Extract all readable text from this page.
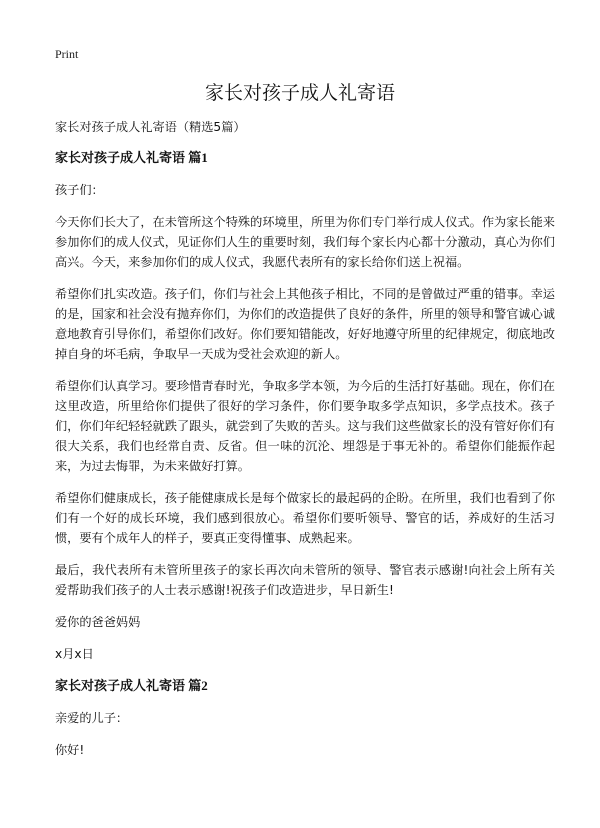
Print
家长对孩子成人礼寄语

家长对孩子成人礼寄语（精选5篇）

家长对孩子成人礼寄语 篇1

孩子们：

今天你们长大了，在未管所这个特殊的环境里，所里为你们专门举行成人仪式。作为家长能来参加你们的成人仪式，见证你们人生的重要时刻，我们每个家长内心都十分激动，真心为你们高兴。今天，来参加你们的成人仪式，我愿代表所有的家长给你们送上祝福。

希望你们扎实改造。孩子们，你们与社会上其他孩子相比，不同的是曾做过严重的错事。幸运的是，国家和社会没有抛弃你们，为你们的改造提供了良好的条件，所里的领导和警官诚心诚意地教育引导你们，希望你们改好。你们要知错能改，好好地遵守所里的纪律规定，彻底地改掉自身的坏毛病，争取早一天成为受社会欢迎的新人。

希望你们认真学习。要珍惜青春时光，争取多学本领，为今后的生活打好基础。现在，你们在这里改造，所里给你们提供了很好的学习条件，你们要争取多学点知识，多学点技术。孩子们，你们年纪轻轻就跌了跟头，就尝到了失败的苦头。这与我们这些做家长的没有管好你们有很大关系，我们也经常自责、反省。但一味的沉沦、埋怨是于事无补的。希望你们能振作起来，为过去悔罪，为未来做好打算。

希望你们健康成长，孩子能健康成长是每个做家长的最起码的企盼。在所里，我们也看到了你们有一个好的成长环境，我们感到很放心。希望你们要听领导、警官的话，养成好的生活习惯，要有个成年人的样子，要真正变得懂事、成熟起来。

最后，我代表所有未管所里孩子的家长再次向未管所的领导、警官表示感谢!向社会上所有关爱帮助我们孩子的人士表示感谢!祝孩子们改造进步，早日新生!

爱你的爸爸妈妈

x月x日

家长对孩子成人礼寄语 篇2

亲爱的儿子：

你好!
